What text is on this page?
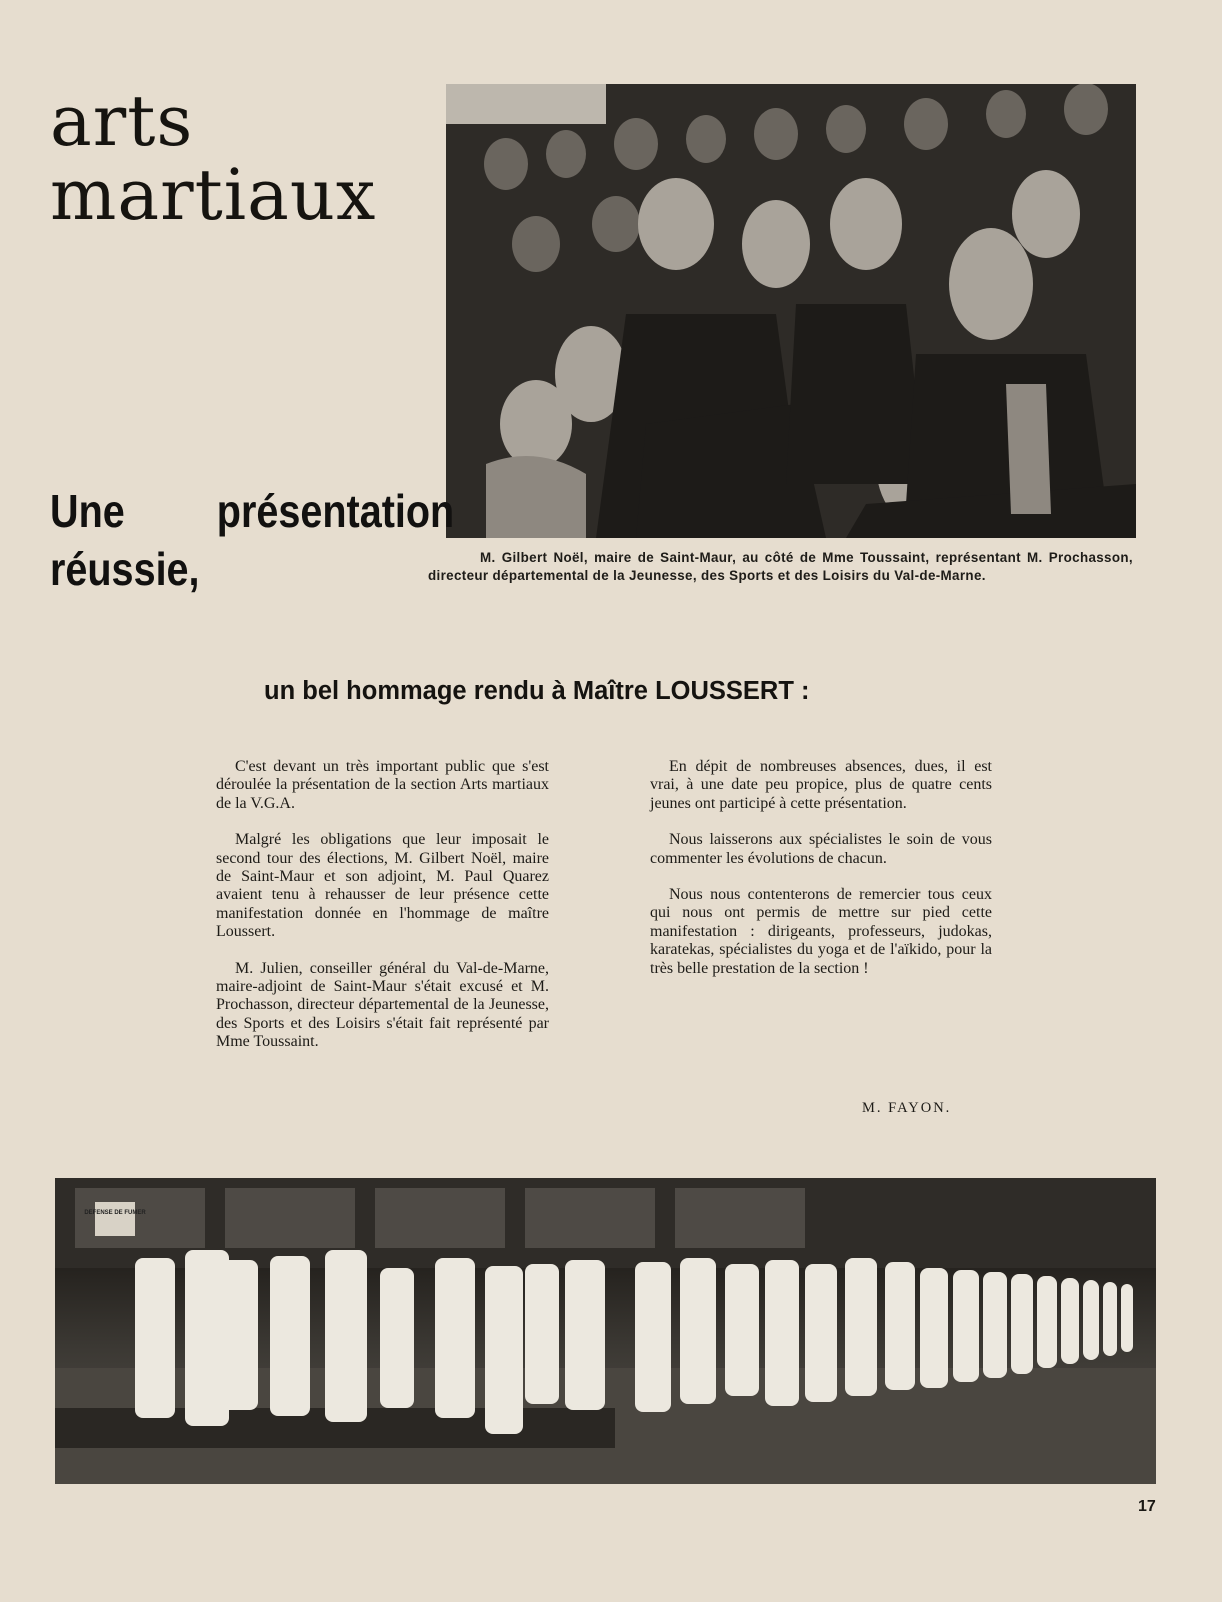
arts
martiaux
Une présentation
réussie,	M. Gilbert Noël, maire de Saint-Maur, au côté de Mme Toussaint, représentant M. Prochasson, directeur départemental de la Jeunesse, des Sports et des Loisirs du Val-de-Marne.

un bel hommage rendu à Maître LOUSSERT :

C'est devant un très important public que s'est déroulée la présentation de la section Arts martiaux de la V.G.A.

Malgré les obligations que leur imposait le second tour des élections, M. Gilbert Noël, maire de Saint-Maur et son adjoint, M. Paul Quarez avaient tenu à rehausser de leur présence cette manifestation donnée en l'hommage de maître Loussert.

M. Julien, conseiller général du Val-de-Marne, maire-adjoint de Saint-Maur s'était excusé et M. Prochasson, directeur départemental de la Jeunesse, des Sports et des Loisirs s'était fait représenté par Mme Toussaint.

En dépit de nombreuses absences, dues, il est vrai, à une date peu propice, plus de quatre cents jeunes ont participé à cette présentation.

Nous laisserons aux spécialistes le soin de vous commenter les évolutions de chacun.

Nous nous contenterons de remercier tous ceux qui nous ont permis de mettre sur pied cette manifestation : dirigeants, professeurs, judokas, karatekas, spécialistes du yoga et de l'aïkido, pour la très belle prestation de la section !

M. FAYON.

DEFENSE DE FUMER

17
